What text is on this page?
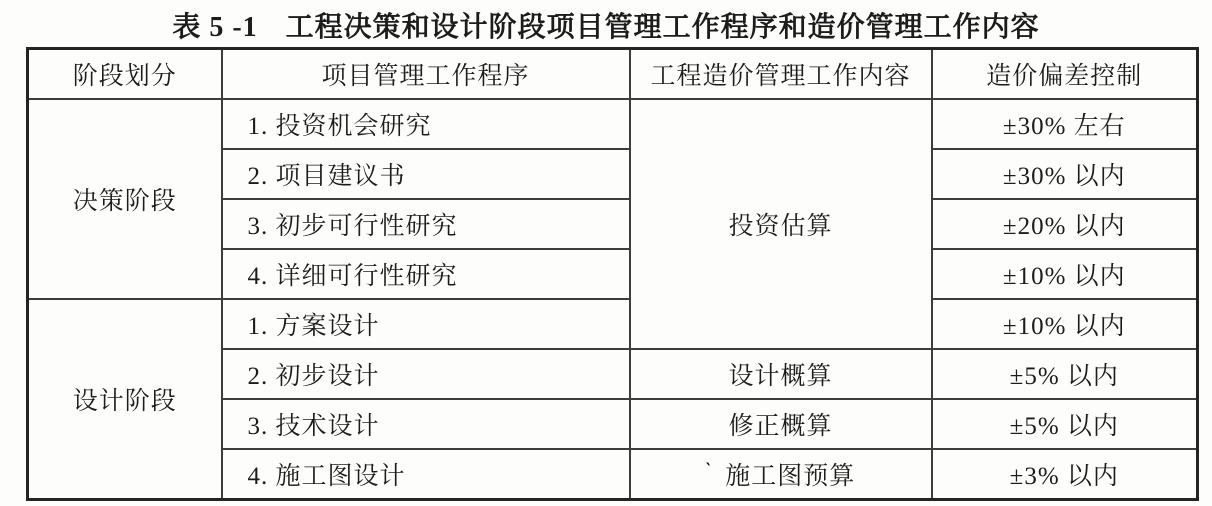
表 5 -1 工程决策和设计阶段项目管理工作程序和造价管理工作内容
阶段划分	项目管理工作程序	工程造价管理工作内容	造价偏差控制
决策阶段	1. 投资机会研究	投资估算	±30% 左右
	2. 项目建议书		±30% 以内
	3. 初步可行性研究		±20% 以内
	4. 详细可行性研究		±10% 以内
设计阶段	1. 方案设计		±10% 以内
	2. 初步设计	设计概算	±5% 以内
	3. 技术设计	修正概算	±5% 以内
	4. 施工图设计	‵ 施工图预算	±3% 以内
